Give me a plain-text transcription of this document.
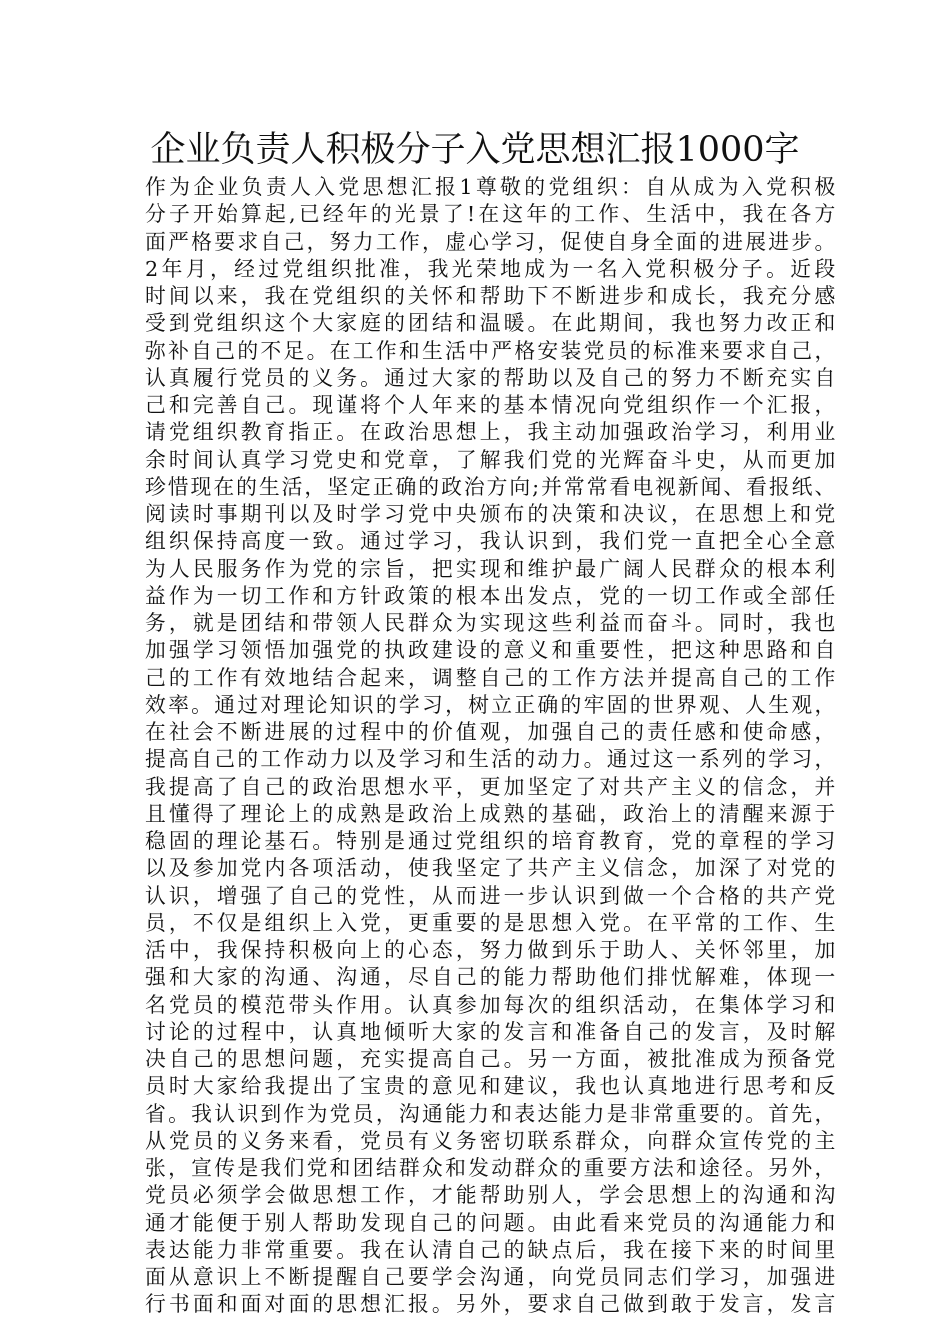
企业负责人积极分子入党思想汇报1000字
作为企业负责人入党思想汇报1尊敬的党组织：自从成为入党积极
分子开始算起,已经年的光景了!在这年的工作、生活中，我在各方
面严格要求自己，努力工作，虚心学习，促使自身全面的进展进步。
2年月，经过党组织批准，我光荣地成为一名入党积极分子。近段
时间以来，我在党组织的关怀和帮助下不断进步和成长，我充分感
受到党组织这个大家庭的团结和温暖。在此期间，我也努力改正和
弥补自己的不足。在工作和生活中严格安装党员的标准来要求自己，
认真履行党员的义务。通过大家的帮助以及自己的努力不断充实自
己和完善自己。现谨将个人年来的基本情况向党组织作一个汇报，
请党组织教育指正。在政治思想上，我主动加强政治学习，利用业
余时间认真学习党史和党章，了解我们党的光辉奋斗史，从而更加
珍惜现在的生活，坚定正确的政治方向;并常常看电视新闻、看报纸、
阅读时事期刊以及时学习党中央颁布的决策和决议，在思想上和党
组织保持高度一致。通过学习，我认识到，我们党一直把全心全意
为人民服务作为党的宗旨，把实现和维护最广阔人民群众的根本利
益作为一切工作和方针政策的根本出发点，党的一切工作或全部任
务，就是团结和带领人民群众为实现这些利益而奋斗。同时，我也
加强学习领悟加强党的执政建设的意义和重要性，把这种思路和自
己的工作有效地结合起来，调整自己的工作方法并提高自己的工作
效率。通过对理论知识的学习，树立正确的牢固的世界观、人生观，
在社会不断进展的过程中的价值观，加强自己的责任感和使命感，
提高自己的工作动力以及学习和生活的动力。通过这一系列的学习，
我提高了自己的政治思想水平，更加坚定了对共产主义的信念，并
且懂得了理论上的成熟是政治上成熟的基础，政治上的清醒来源于
稳固的理论基石。特别是通过党组织的培育教育，党的章程的学习
以及参加党内各项活动，使我坚定了共产主义信念，加深了对党的
认识，增强了自己的党性，从而进一步认识到做一个合格的共产党
员，不仅是组织上入党，更重要的是思想入党。在平常的工作、生
活中，我保持积极向上的心态，努力做到乐于助人、关怀邻里，加
强和大家的沟通、沟通，尽自己的能力帮助他们排忧解难，体现一
名党员的模范带头作用。认真参加每次的组织活动，在集体学习和
讨论的过程中，认真地倾听大家的发言和准备自己的发言，及时解
决自己的思想问题，充实提高自己。另一方面，被批准成为预备党
员时大家给我提出了宝贵的意见和建议，我也认真地进行思考和反
省。我认识到作为党员，沟通能力和表达能力是非常重要的。首先，
从党员的义务来看，党员有义务密切联系群众，向群众宣传党的主
张，宣传是我们党和团结群众和发动群众的重要方法和途径。另外，
党员必须学会做思想工作，才能帮助别人，学会思想上的沟通和沟
通才能便于别人帮助发现自己的问题。由此看来党员的沟通能力和
表达能力非常重要。我在认清自己的缺点后，我在接下来的时间里
面从意识上不断提醒自己要学会沟通，向党员同志们学习，加强进
行书面和面对面的思想汇报。另外，要求自己做到敢于发言，发言
